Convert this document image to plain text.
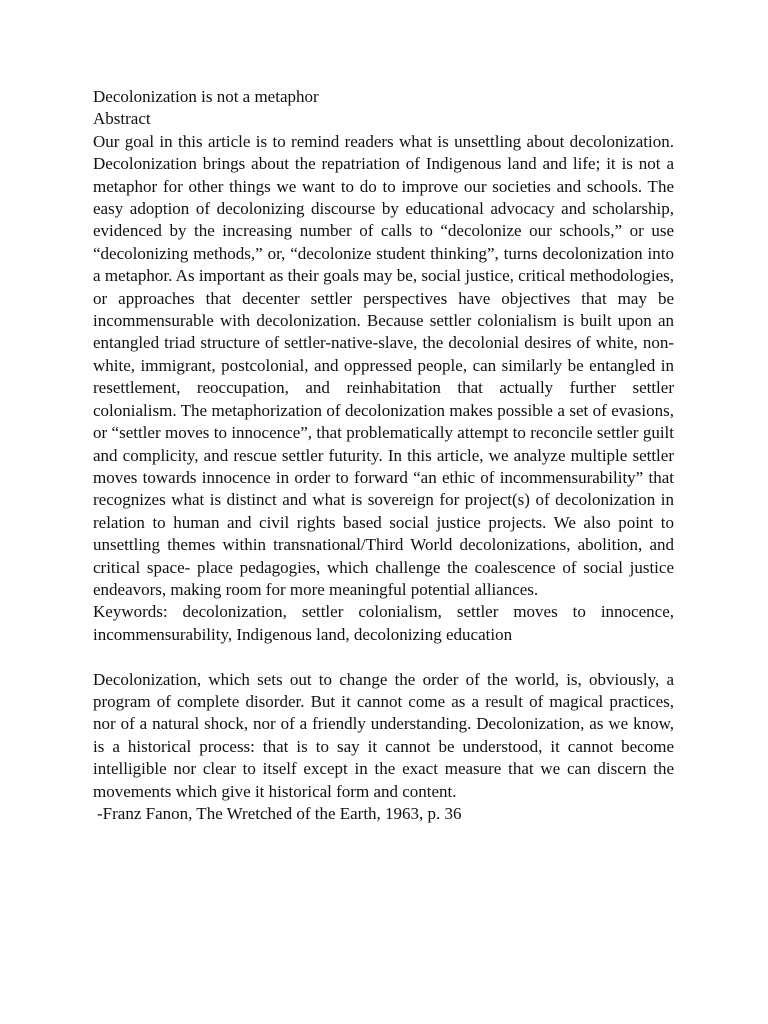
Decolonization is not a metaphor

Abstract

Our goal in this article is to remind readers what is unsettling about decolonization. Decolonization brings about the repatriation of Indigenous land and life; it is not a metaphor for other things we want to do to improve our societies and schools. The easy adoption of decolonizing discourse by educational advocacy and scholarship, evidenced by the increasing number of calls to “decolonize our schools,” or use “decolonizing methods,” or, “decolonize student thinking”, turns decolonization into a metaphor. As important as their goals may be, social justice, critical methodologies, or approaches that decenter settler perspectives have objectives that may be incommensurable with decolonization. Because settler colonialism is built upon an entangled triad structure of settler-native-slave, the decolonial desires of white, non- white, immigrant, postcolonial, and oppressed people, can similarly be entangled in resettlement, reoccupation, and reinhabitation that actually further settler colonialism. The metaphorization of decolonization makes possible a set of evasions, or “settler moves to innocence”, that problematically attempt to reconcile settler guilt and complicity, and rescue settler futurity. In this article, we analyze multiple settler moves towards innocence in order to forward “an ethic of incommensurability” that recognizes what is distinct and what is sovereign for project(s) of decolonization in relation to human and civil rights based social justice projects. We also point to unsettling themes within transnational/Third World decolonizations, abolition, and critical space- place pedagogies, which challenge the coalescence of social justice endeavors, making room for more meaningful potential alliances.

Keywords: decolonization, settler colonialism, settler moves to innocence, incommensurability, Indigenous land, decolonizing education

Decolonization, which sets out to change the order of the world, is, obviously, a program of complete disorder. But it cannot come as a result of magical practices, nor of a natural shock, nor of a friendly understanding. Decolonization, as we know, is a historical process: that is to say it cannot be understood, it cannot become intelligible nor clear to itself except in the exact measure that we can discern the movements which give it historical form and content.

-Franz Fanon, The Wretched of the Earth, 1963, p. 36
